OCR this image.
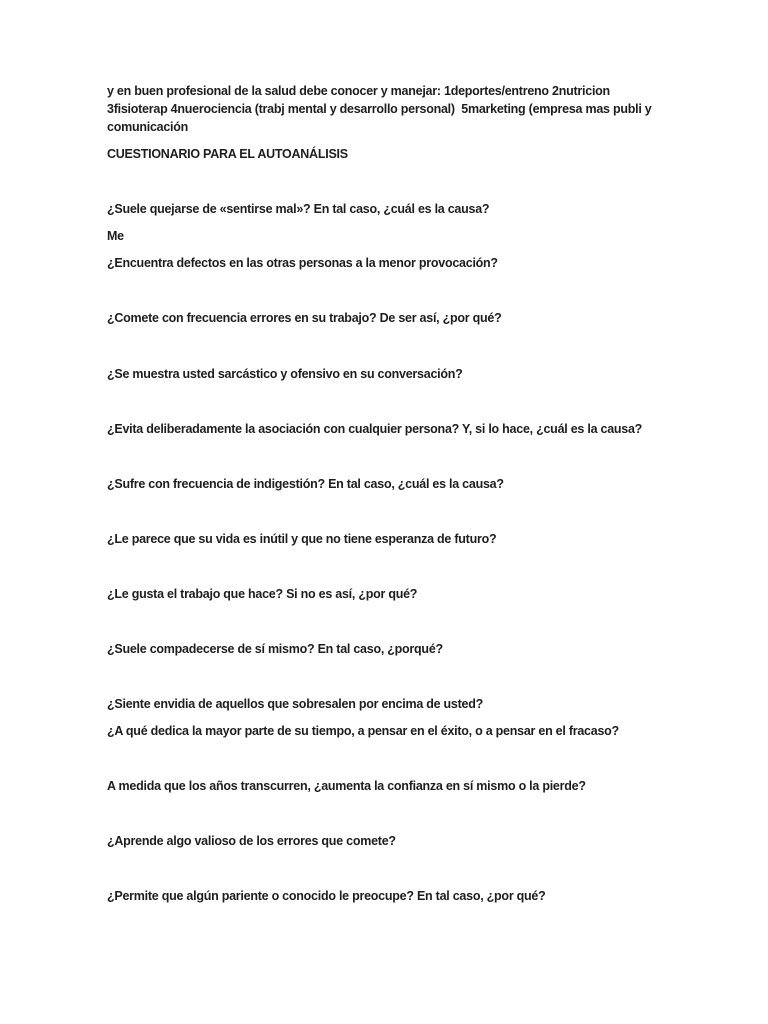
y en buen profesional de la salud debe conocer y manejar: 1deportes/entreno 2nutricion 3fisioterap 4nuerociencia (trabj mental y desarrollo personal)  5marketing (empresa mas publi y comunicación
CUESTIONARIO PARA EL AUTOANÁLISIS
¿Suele quejarse de «sentirse mal»? En tal caso, ¿cuál es la causa?
Me
¿Encuentra defectos en las otras personas a la menor provocación?
¿Comete con frecuencia errores en su trabajo? De ser así, ¿por qué?
¿Se muestra usted sarcástico y ofensivo en su conversación?
¿Evita deliberadamente la asociación con cualquier persona? Y, si lo hace, ¿cuál es la causa?
¿Sufre con frecuencia de indigestión? En tal caso, ¿cuál es la causa?
¿Le parece que su vida es inútil y que no tiene esperanza de futuro?
¿Le gusta el trabajo que hace? Si no es así, ¿por qué?
¿Suele compadecerse de sí mismo? En tal caso, ¿porqué?
¿Siente envidia de aquellos que sobresalen por encima de usted?
¿A qué dedica la mayor parte de su tiempo, a pensar en el éxito, o a pensar en el fracaso?
A medida que los años transcurren, ¿aumenta la confianza en sí mismo o la pierde?
¿Aprende algo valioso de los errores que comete?
¿Permite que algún pariente o conocido le preocupe? En tal caso, ¿por qué?
